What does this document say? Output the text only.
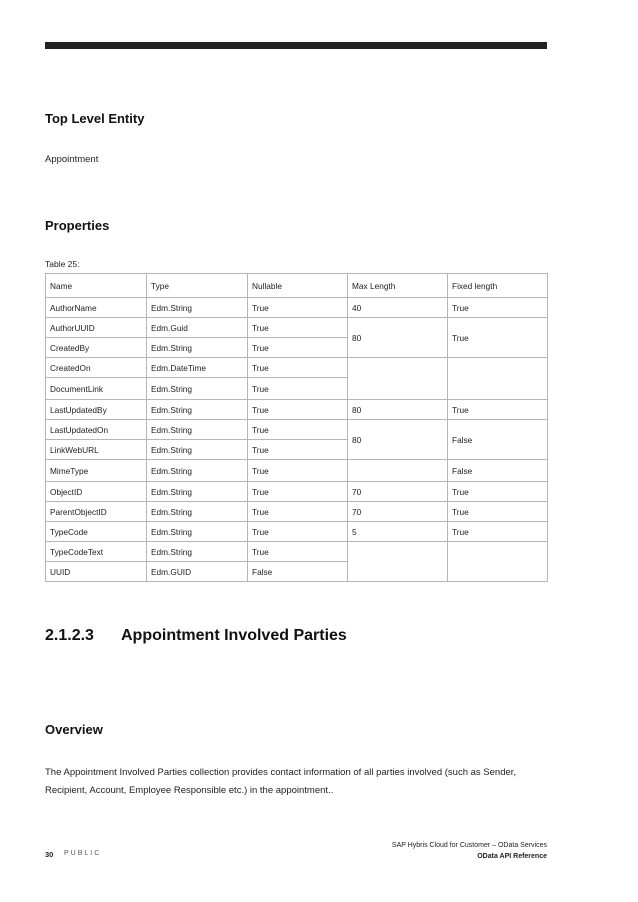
Top Level Entity

Appointment

Properties
Table 25:
Name	Type	Nullable	Max Length	Fixed length
AuthorName	Edm.String	True	40	True
AuthorUUID	Edm.Guid	True	80	True
CreatedBy	Edm.String	True		
CreatedOn	Edm.DateTime	True		
DocumentLink	Edm.String	True		
LastUpdatedBy	Edm.String	True	80	True
LastUpdatedOn	Edm.String	True	80	False
LinkWebURL	Edm.String	True		
MimeType	Edm.String	True		False
ObjectID	Edm.String	True	70	True
ParentObjectID	Edm.String	True	70	True
TypeCode	Edm.String	True	5	True
TypeCodeText	Edm.String	True		
UUID	Edm.GUID	False		
2.1.2.3 Appointment Involved Parties
Overview

The Appointment Involved Parties collection provides contact information of all parties involved (such as Sender, Recipient, Account, Employee Responsible etc.) in the appointment..

30 PUBLIC
SAP Hybris Cloud for Customer – OData Services
OData API Reference
